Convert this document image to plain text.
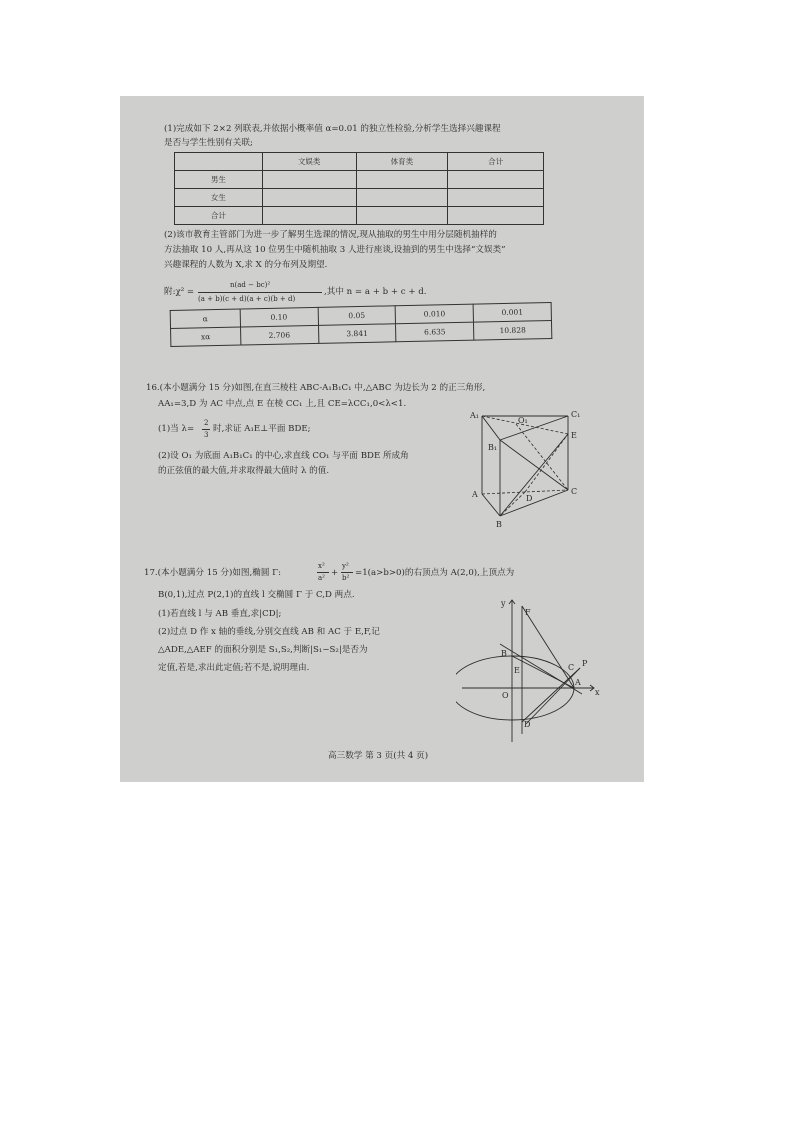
(1)完成如下 2×2 列联表,并依据小概率值 α=0.01 的独立性检验,分析学生选择兴趣课程
是否与学生性别有关联;
	文娱类	体育类	合计
男生			
女生			
合计			
(2)该市教育主管部门为进一步了解男生选课的情况,现从抽取的男生中用分层随机抽样的
方法抽取 10 人,再从这 10 位男生中随机抽取 3 人进行座谈,设抽到的男生中选择“文娱类”
兴趣课程的人数为 X,求 X 的分布列及期望.
附:χ² =
n(ad − bc)²
(a + b)(c + d)(a + c)(b + d)
,其中 n = a + b + c + d.
α	0.10	0.05	0.010	0.001
xα	2.706	3.841	6.635	10.828
16.(本小题满分 15 分)如图,在直三棱柱 ABC-A₁B₁C₁ 中,△ABC 为边长为 2 的正三角形,
AA₁=3,D 为 AC 中点,点 E 在棱 CC₁ 上,且 CE=λCC₁,0<λ<1.
(1)当 λ=
2
3
时,求证 A₁E⊥平面 BDE;
(2)设 O₁ 为底面 A₁B₁C₁ 的中心,求直线 CO₁ 与平面 BDE 所成角
的正弦值的最大值,并求取得最大值时 λ 的值.
A₁	C₁
O₁
E
B₁
A	D
C
B
17.(本小题满分 15 分)如图,椭圆 Γ:
x²
a² +
y²
b² =1(a>b>0)的右顶点为 A(2,0),上顶点为
B(0,1),过点 P(2,1)的直线 l 交椭圆 Γ 于 C,D 两点.
(1)若直线 l 与 AB 垂直,求|CD|;
(2)过点 D 作 x 轴的垂线,分别交直线 AB 和 AC 于 E,F,记
△ADE,△AEF 的面积分别是 S₁,S₂,判断|S₁−S₂|是否为
定值,若是,求出此定值;若不是,说明理由.
y
F
P
B
C
E
O
A
x
D
高三数学 第 3 页(共 4 页)
